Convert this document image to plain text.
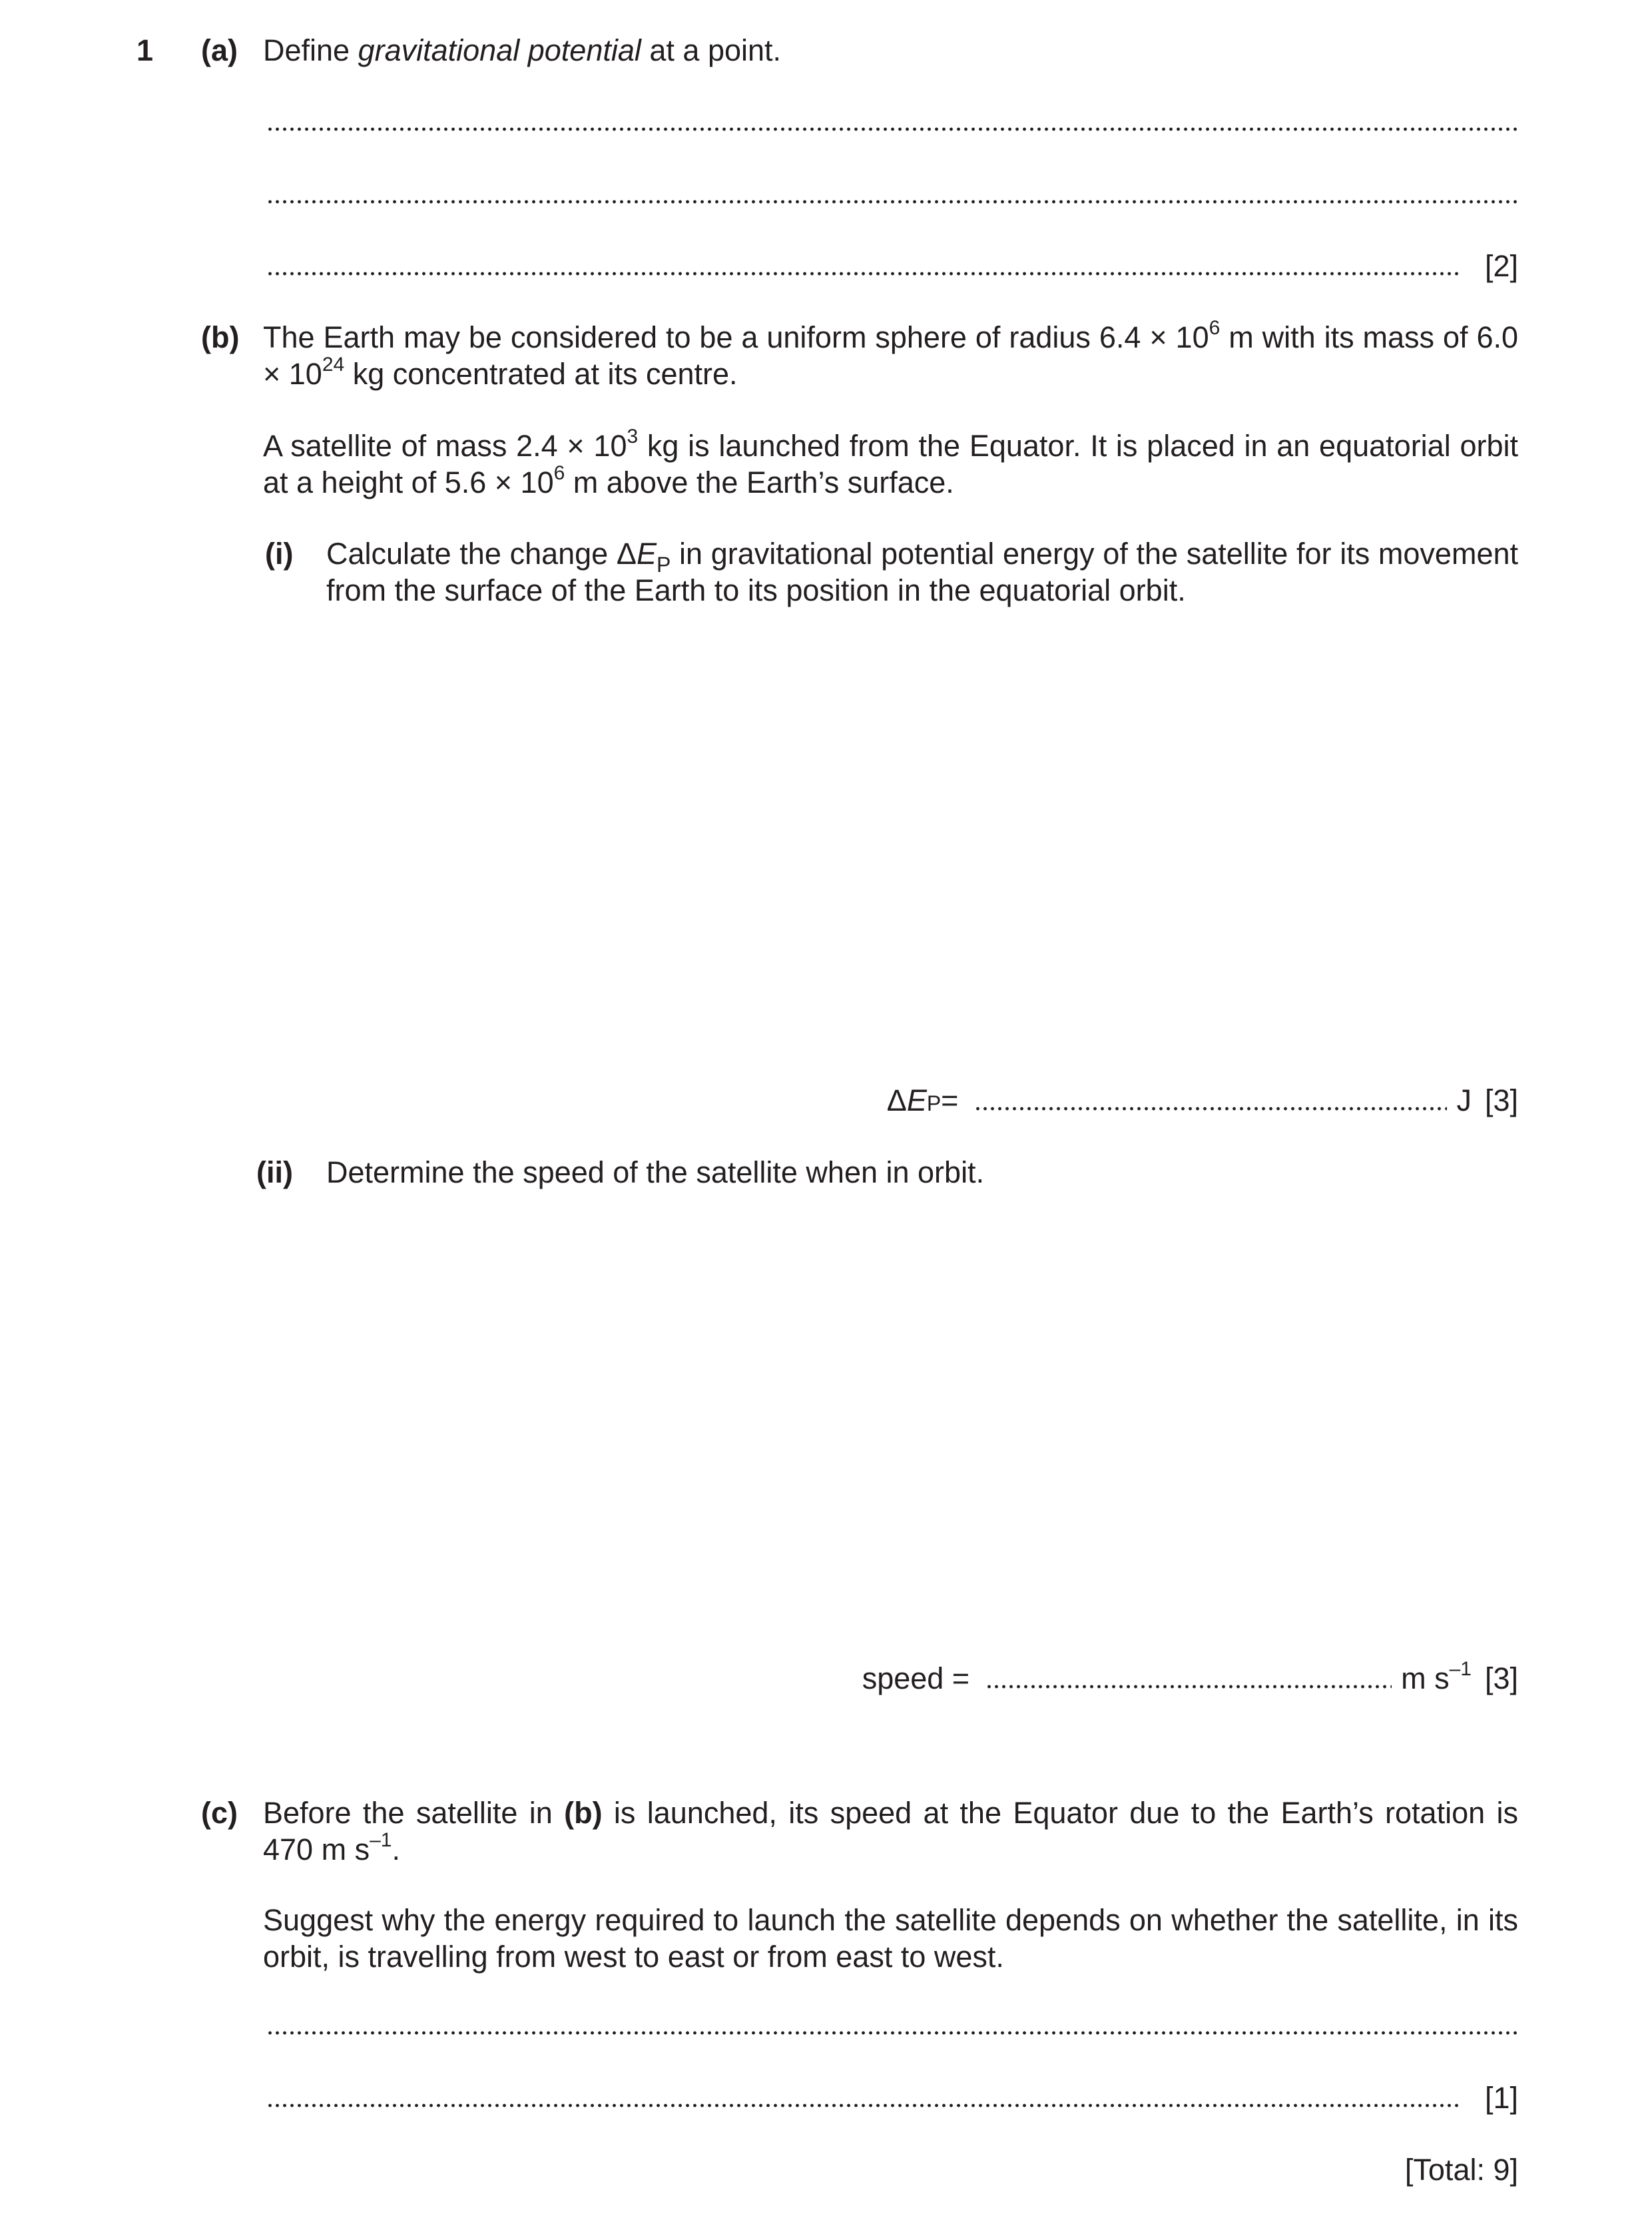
1 (a) Define gravitational potential at a point.
[2]
(b) The Earth may be considered to be a uniform sphere of radius $6.4 \times 10^6$ m with its mass of $6.0 \times 10^{24}$ kg concentrated at its centre.
A satellite of mass $2.4 \times 10^3$ kg is launched from the Equator. It is placed in an equatorial orbit at a height of $5.6 \times 10^6$ m above the Earth’s surface.
(i) Calculate the change $\Delta E_P$ in gravitational potential energy of the satellite for its movement from the surface of the Earth to its position in the equatorial orbit.
Δ E P =	J [3]
(ii) Determine the speed of the satellite when in orbit.
speed =	m $s^{-1}$ [3]
(c) Before the satellite in (b) is launched, its speed at the Equator due to the Earth’s rotation is 470 m $s^{-1}$.
Suggest why the energy required to launch the satellite depends on whether the satellite, in its orbit, is travelling from west to east or from east to west.
[1]
[Total: 9]
